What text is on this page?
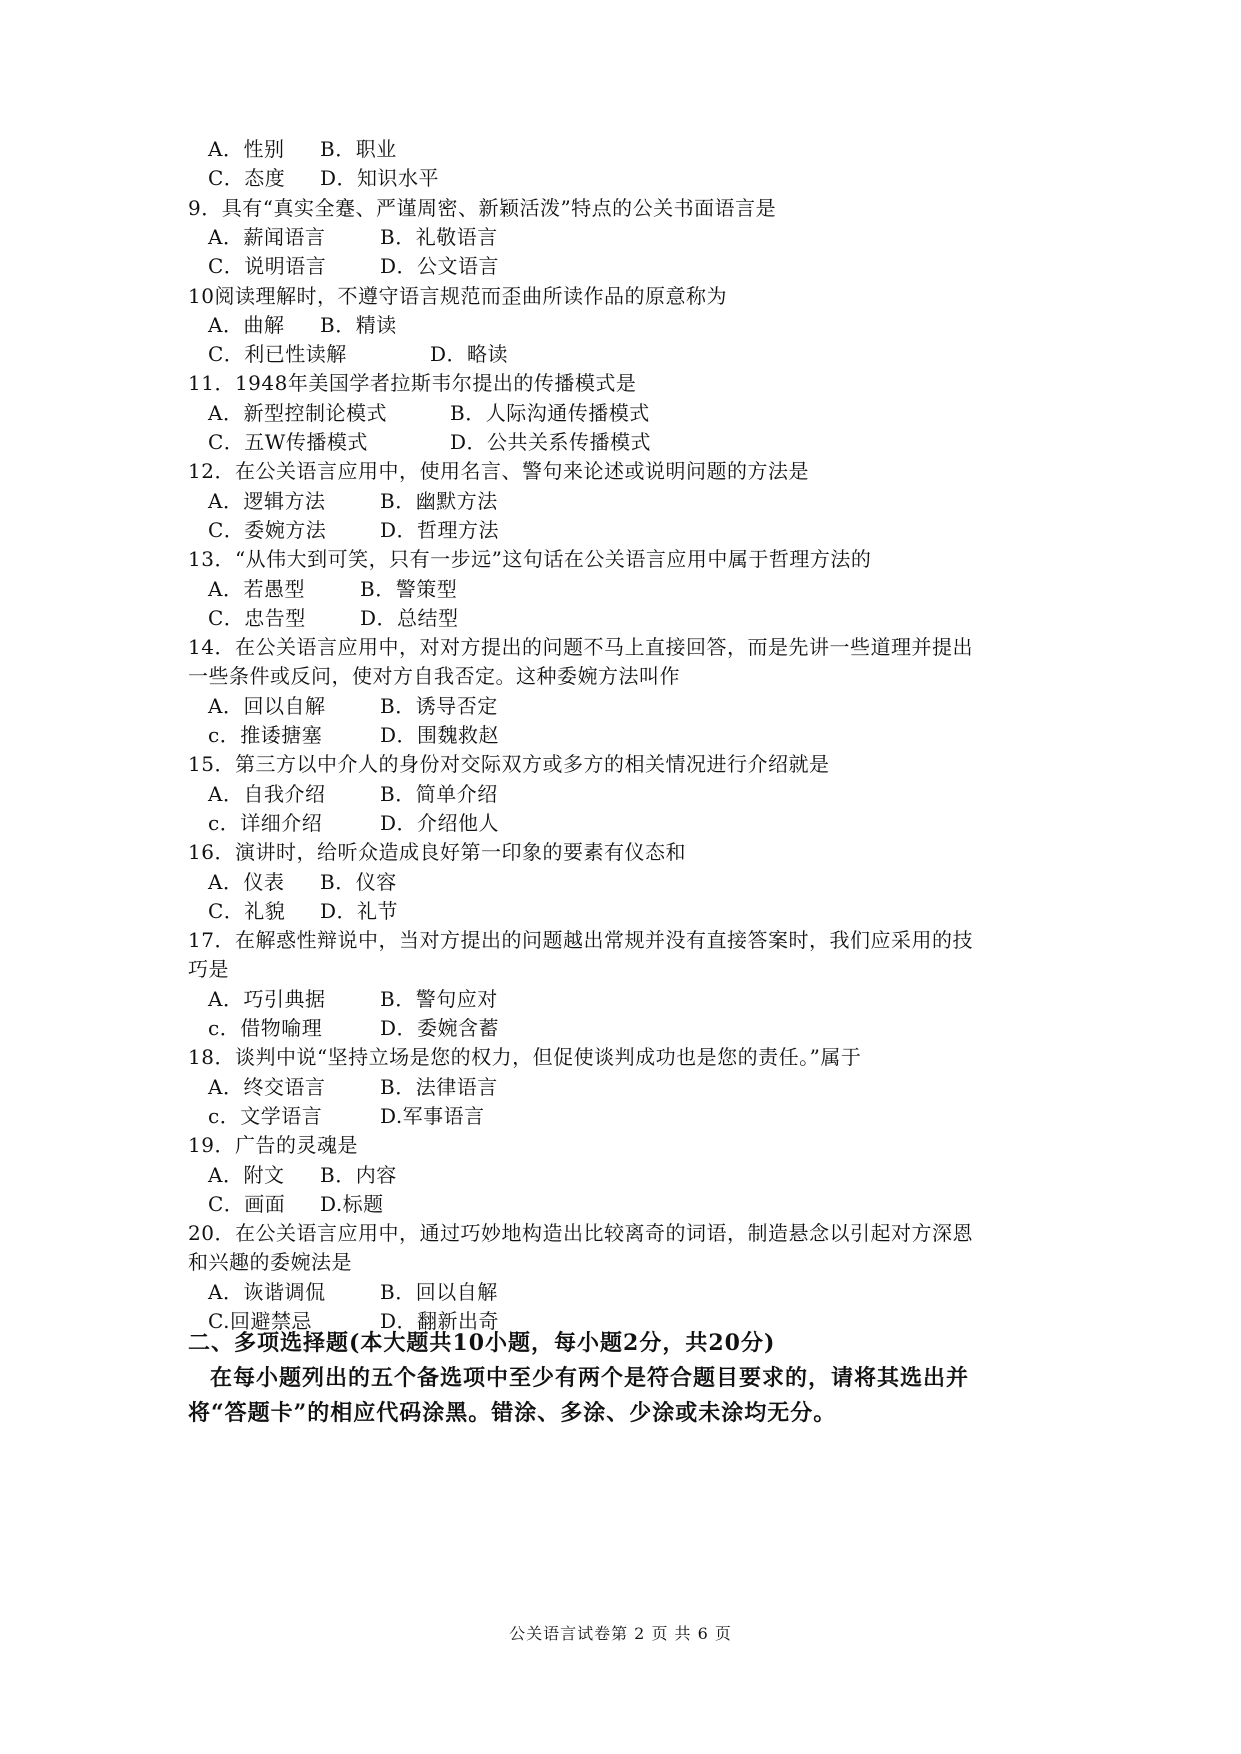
A．性别 B．职业
C．态度 D．知识水平
9．具有“真实全蹇、严谨周密、新颖活泼”特点的公关书面语言是
A．薪闻语言	B．礼敬语言
C．说明语言	D．公文语言
10阅读理解时，不遵守语言规范而歪曲所读作品的原意称为
A．曲解 B．精读
C．利已性读解	D．略读
11．1948年美国学者拉斯韦尔提出的传播模式是
A．新型控制论模式	B．人际沟通传播模式
C．五W传播模式	D．公共关系传播模式
12．在公关语言应用中，使用名言、警句来论述或说明问题的方法是
A．逻辑方法	B．幽默方法
C．委婉方法	D．哲理方法
13．“从伟大到可笑，只有一步远”这句话在公关语言应用中属于哲理方法的
A．若愚型	B．警策型
C．忠告型	D．总结型
14．在公关语言应用中，对对方提出的问题不马上直接回答，而是先讲一些道理并提出
一些条件或反问，使对方自我否定。这种委婉方法叫作
A．回以自解	B．诱导否定
c．推诿搪塞	D．围魏救赵
15．第三方以中介人的身份对交际双方或多方的相关情况进行介绍就是
A．自我介绍	B．简单介绍
c．详细介绍	D．介绍他人
16．演讲时，给听众造成良好第一印象的要素有仪态和
A．仪表 B．仪容
C．礼貌 D．礼节
17．在解惑性辩说中，当对方提出的问题越出常规并没有直接答案时，我们应采用的技
巧是
A．巧引典据	B．警句应对
c．借物喻理	D．委婉含蓄
18．谈判中说“坚持立场是您的权力，但促使谈判成功也是您的责任。”属于
A．终交语言	B．法律语言
c．文学语言	D.军事语言
19．广告的灵魂是
A．附文 B．内容
C．画面 D.标题
20．在公关语言应用中，通过巧妙地构造出比较离奇的词语，制造悬念以引起对方深恩
和兴趣的委婉法是
A．诙谐调侃	B．回以自解
C.回避禁忌	D．翻新出奇
二、多项选择题(本大题共10小题，每小题2分，共20分)
在每小题列出的五个备选项中至少有两个是符合题目要求的，请将其选出并
将“答题卡”的相应代码涂黑。错涂、多涂、少涂或未涂均无分。
公关语言试卷第 2 页 共 6 页
